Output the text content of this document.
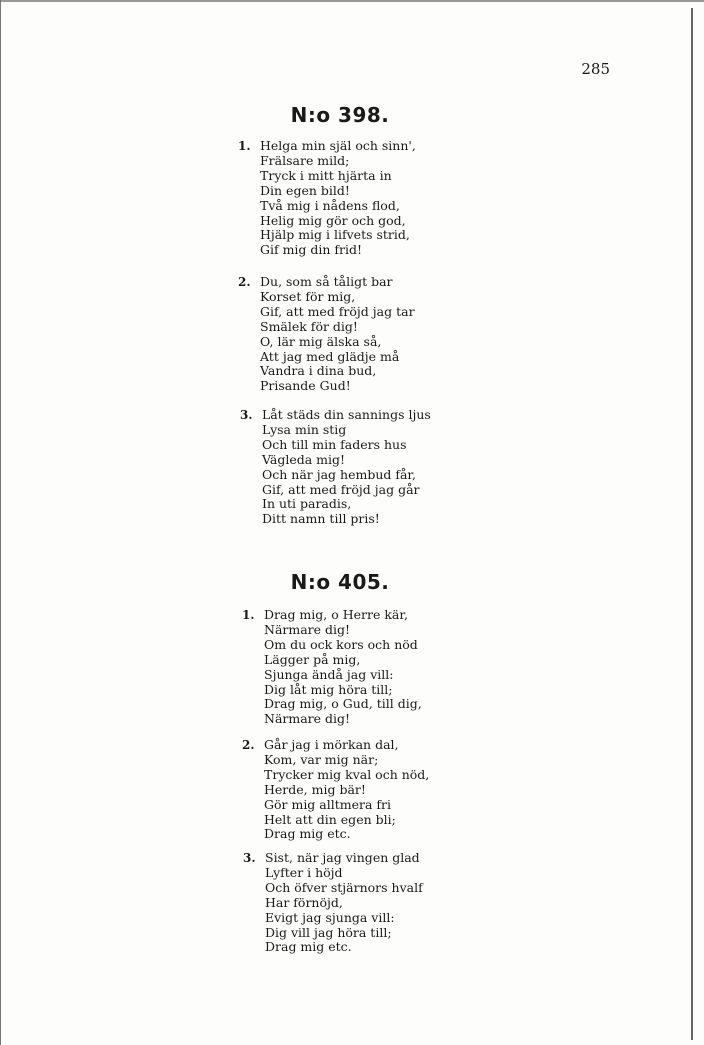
285
N:o 398.
1. Helga min själ och sinn',
Frälsare mild;
Tryck i mitt hjärta in
Din egen bild!
Två mig i nådens flod,
Helig mig gör och god,
Hjälp mig i lifvets strid,
Gif mig din frid!
2. Du, som så tåligt bar
Korset för mig,
Gif, att med fröjd jag tar
Smälek för dig!
O, lär mig älska så,
Att jag med glädje må
Vandra i dina bud,
Prisande Gud!
3. Låt städs din sannings ljus
Lysa min stig
Och till min faders hus
Vägleda mig!
Och när jag hembud får,
Gif, att med fröjd jag går
In uti paradis,
Ditt namn till pris!
N:o 405.
1. Drag mig, o Herre kär,
Närmare dig!
Om du ock kors och nöd
Lägger på mig,
Sjunga ändå jag vill:
Dig låt mig höra till;
Drag mig, o Gud, till dig,
Närmare dig!
2. Går jag i mörkan dal,
Kom, var mig när;
Trycker mig kval och nöd,
Herde, mig bär!
Gör mig alltmera fri
Helt att din egen bli;
Drag mig etc.
3. Sist, när jag vingen glad
Lyfter i höjd
Och öfver stjärnors hvalf
Har förnöjd,
Evigt jag sjunga vill:
Dig vill jag höra till;
Drag mig etc.
